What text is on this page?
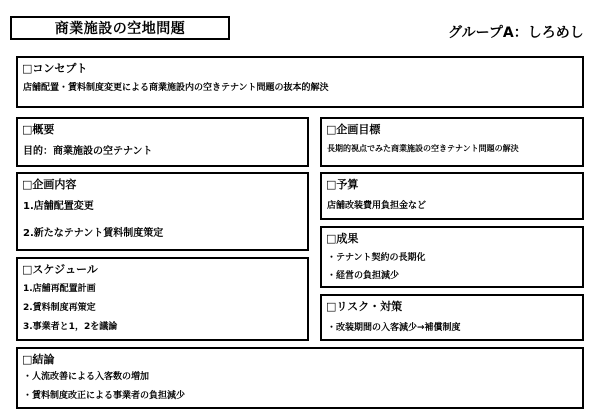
商業施設の空地問題	グループA：しろめし
□コンセプト
店舗配置・賃料制度変更による商業施設内の空きテナント問題の抜本的解決
□概要
目的：商業施設の空テナント
□企画目標
長期的視点でみた商業施設の空きテナント問題の解決
□企画内容
1.店舗配置変更
2.新たなテナント賃料制度策定
□予算
店舗改装費用負担金など
□成果
・テナント契約の長期化
・経営の負担減少
□スケジュール
1.店舗再配置計画
2.賃料制度再策定
3.事業者と1，2を議論
□リスク・対策
・改装期間の入客減少→補償制度
□結論
・人流改善による入客数の増加
・賃料制度改正による事業者の負担減少
